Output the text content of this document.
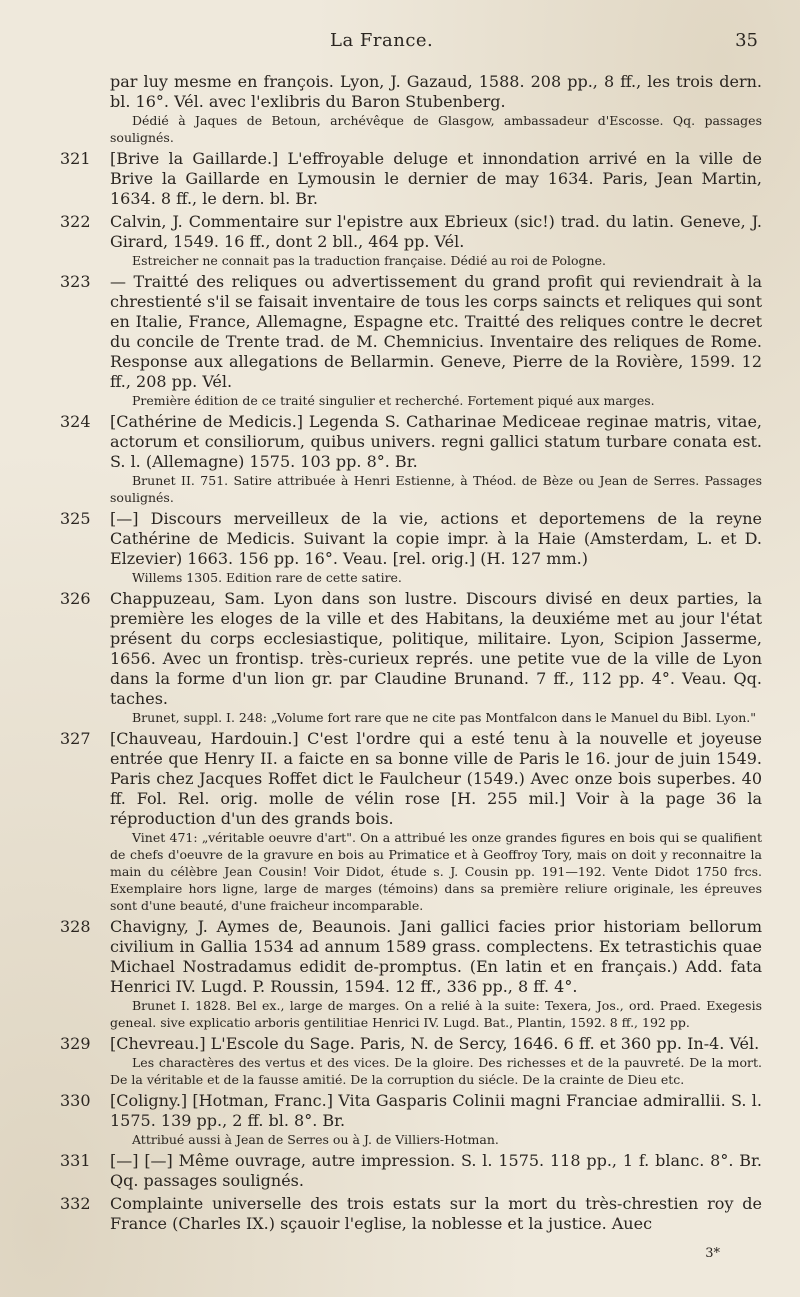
La France.	35

par luy mesme en françois. Lyon, J. Gazaud, 1588. 208 pp., 8 ff., les trois dern. bl. 16°. Vél. avec l'exlibris du Baron Stubenberg.

Dédié à Jaques de Betoun, archévêque de Glasgow, ambassadeur d'Escosse. Qq. passages soulignés.

321	[Brive la Gaillarde.] L'effroyable deluge et innondation arrivé en la ville de Brive la Gaillarde en Lymousin le dernier de may 1634. Paris, Jean Martin, 1634. 8 ff., le dern. bl. Br.

322	Calvin, J. Commentaire sur l'epistre aux Ebrieux (sic!) trad. du latin. Geneve, J. Girard, 1549. 16 ff., dont 2 bll., 464 pp. Vél.

Estreicher ne connait pas la traduction française. Dédié au roi de Pologne.

323	— Traitté des reliques ou advertissement du grand profit qui reviendrait à la chrestienté s'il se faisait inventaire de tous les corps saincts et reliques qui sont en Italie, France, Allemagne, Espagne etc. Traitté des reliques contre le decret du concile de Trente trad. de M. Chemnicius. Inventaire des reliques de Rome. Response aux allegations de Bellarmin. Geneve, Pierre de la Rovière, 1599. 12 ff., 208 pp. Vél.

Première édition de ce traité singulier et recherché. Fortement piqué aux marges.

324	[Cathérine de Medicis.] Legenda S. Catharinae Mediceae reginae matris, vitae, actorum et consiliorum, quibus univers. regni gallici statum turbare conata est. S. l. (Allemagne) 1575. 103 pp. 8°. Br.

Brunet II. 751. Satire attribuée à Henri Estienne, à Théod. de Bèze ou Jean de Serres. Passages soulignés.

325	[—] Discours merveilleux de la vie, actions et deportemens de la reyne Cathérine de Medicis. Suivant la copie impr. à la Haie (Amsterdam, L. et D. Elzevier) 1663. 156 pp. 16°. Veau. [rel. orig.] (H. 127 mm.)

Willems 1305. Edition rare de cette satire.

326	Chappuzeau, Sam. Lyon dans son lustre. Discours divisé en deux parties, la première les eloges de la ville et des Habitans, la deuxiéme met au jour l'état présent du corps ecclesiastique, politique, militaire. Lyon, Scipion Jasserme, 1656. Avec un frontisp. très-curieux représ. une petite vue de la ville de Lyon dans la forme d'un lion gr. par Claudine Brunand. 7 ff., 112 pp. 4°. Veau. Qq. taches.

Brunet, suppl. I. 248: „Volume fort rare que ne cite pas Montfalcon dans le Manuel du Bibl. Lyon."

327	[Chauveau, Hardouin.] C'est l'ordre qui a esté tenu à la nouvelle et joyeuse entrée que Henry II. a faicte en sa bonne ville de Paris le 16. jour de juin 1549. Paris chez Jacques Roffet dict le Faulcheur (1549.) Avec onze bois superbes. 40 ff. Fol. Rel. orig. molle de vélin rose [H. 255 mil.] Voir à la page 36 la réproduction d'un des grands bois.

Vinet 471: „véritable oeuvre d'art". On a attribué les onze grandes figures en bois qui se qualifient de chefs d'oeuvre de la gravure en bois au Primatice et à Geoffroy Tory, mais on doit y reconnaitre la main du célèbre Jean Cousin! Voir Didot, étude s. J. Cousin pp. 191—192. Vente Didot 1750 frcs. Exemplaire hors ligne, large de marges (témoins) dans sa première reliure originale, les épreuves sont d'une beauté, d'une fraicheur incomparable.

328	Chavigny, J. Aymes de, Beaunois. Jani gallici facies prior historiam bellorum civilium in Gallia 1534 ad annum 1589 grass. complectens. Ex tetrastichis quae Michael Nostradamus edidit de-promptus. (En latin et en français.) Add. fata Henrici IV. Lugd. P. Roussin, 1594. 12 ff., 336 pp., 8 ff. 4°.

Brunet I. 1828. Bel ex., large de marges. On a relié à la suite: Texera, Jos., ord. Praed. Exegesis geneal. sive explicatio arboris gentilitiae Henrici IV. Lugd. Bat., Plantin, 1592. 8 ff., 192 pp.

329	[Chevreau.] L'Escole du Sage. Paris, N. de Sercy, 1646. 6 ff. et 360 pp. In-4. Vél.

Les charactères des vertus et des vices. De la gloire. Des richesses et de la pauvreté. De la mort. De la véritable et de la fausse amitié. De la corruption du siécle. De la crainte de Dieu etc.

330	[Coligny.] [Hotman, Franc.] Vita Gasparis Colinii magni Franciae admirallii. S. l. 1575. 139 pp., 2 ff. bl. 8°. Br.

Attribué aussi à Jean de Serres ou à J. de Villiers-Hotman.

331	[—] [—] Même ouvrage, autre impression. S. l. 1575. 118 pp., 1 f. blanc. 8°. Br. Qq. passages soulignés.

332	Complainte universelle des trois estats sur la mort du très-chrestien roy de France (Charles IX.) sçauoir l'eglise, la noblesse et la justice. Auec

3*
